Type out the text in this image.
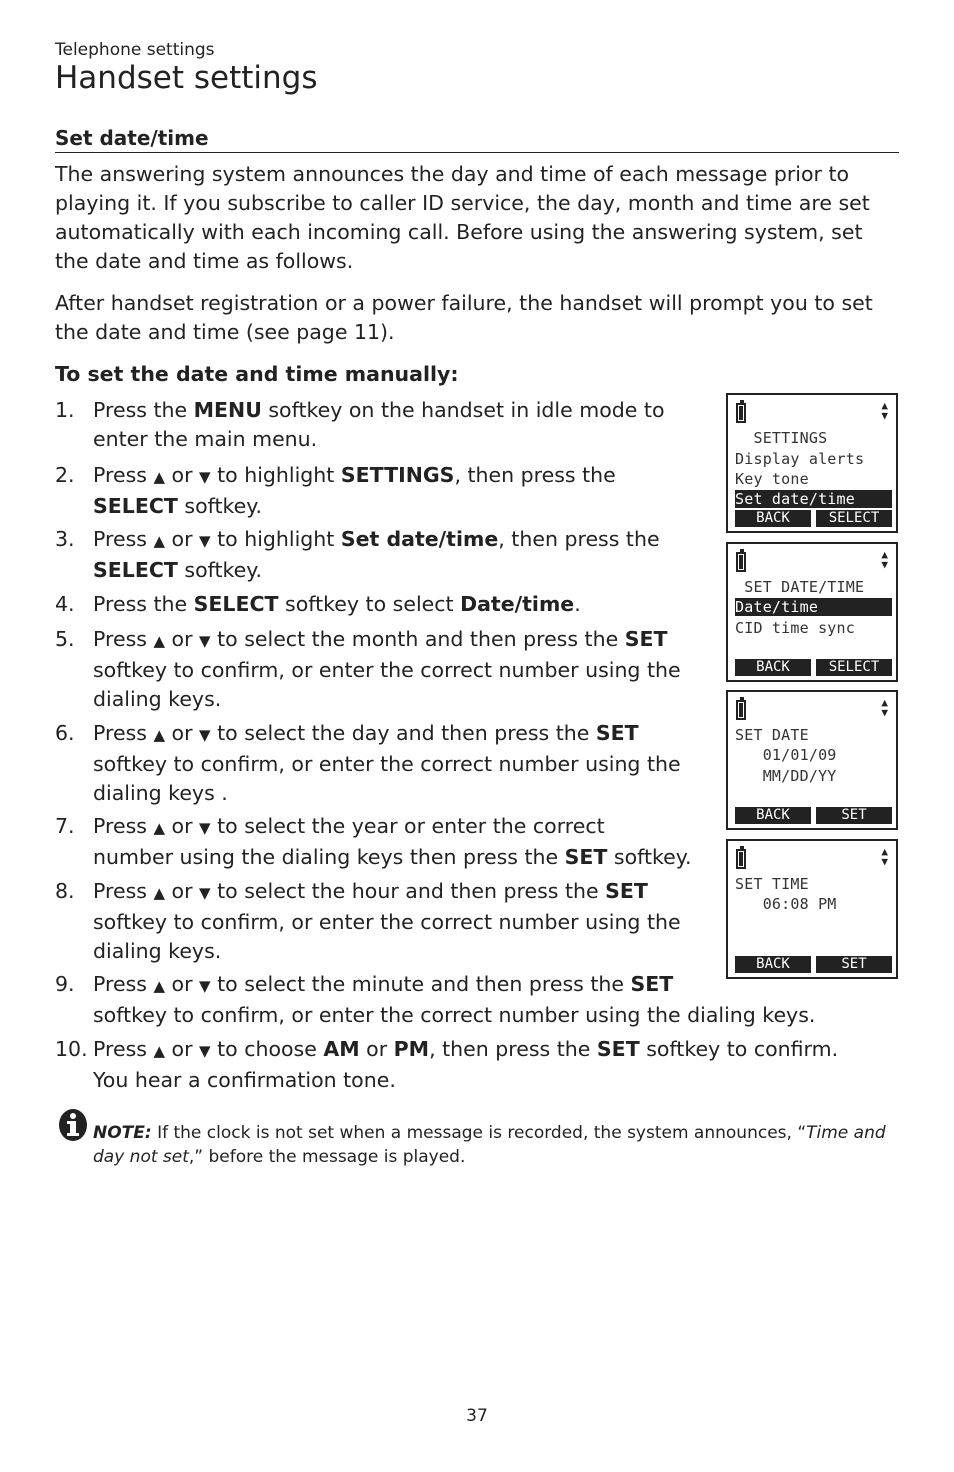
Telephone settings
Handset settings
Set date/time
The answering system announces the day and time of each message prior to playing it. If you subscribe to caller ID service, the day, month and time are set automatically with each incoming call. Before using the answering system, set the date and time as follows.
After handset registration or a power failure, the handset will prompt you to set the date and time (see page 11).
To set the date and time manually:
1. Press the MENU softkey on the handset in idle mode to
enter the main menu.
2. Press ▲ or ▼ to highlight SETTINGS, then press the
SELECT softkey.
3. Press ▲ or ▼ to highlight Set date/time, then press the
SELECT softkey.
4. Press the SELECT softkey to select Date/time.
5. Press ▲ or ▼ to select the month and then press the SET
softkey to confirm, or enter the correct number using the
dialing keys.
6. Press ▲ or ▼ to select the day and then press the SET
softkey to confirm, or enter the correct number using the
dialing keys .
7. Press ▲ or ▼ to select the year or enter the correct
number using the dialing keys then press the SET softkey.
8. Press ▲ or ▼ to select the hour and then press the SET
softkey to confirm, or enter the correct number using the
dialing keys.
9. Press ▲ or ▼ to select the minute and then press the SET
softkey to confirm, or enter the correct number using the dialing keys.
10. Press ▲ or ▼ to choose AM or PM, then press the SET softkey to confirm.
You hear a confirmation tone.
▲
▼
SETTINGS
Display alerts
Key tone
Set date/time
BACK	SELECT
▲
▼
SET DATE/TIME
Date/time
CID time sync
BACK	SELECT
▲
▼
SET DATE
01/01/09
MM/DD/YY
BACK	SET
▲
▼
SET TIME
06:08 PM
BACK	SET
NOTE: If the clock is not set when a message is recorded, the system announces, “Time and day not set,” before the message is played.
37
